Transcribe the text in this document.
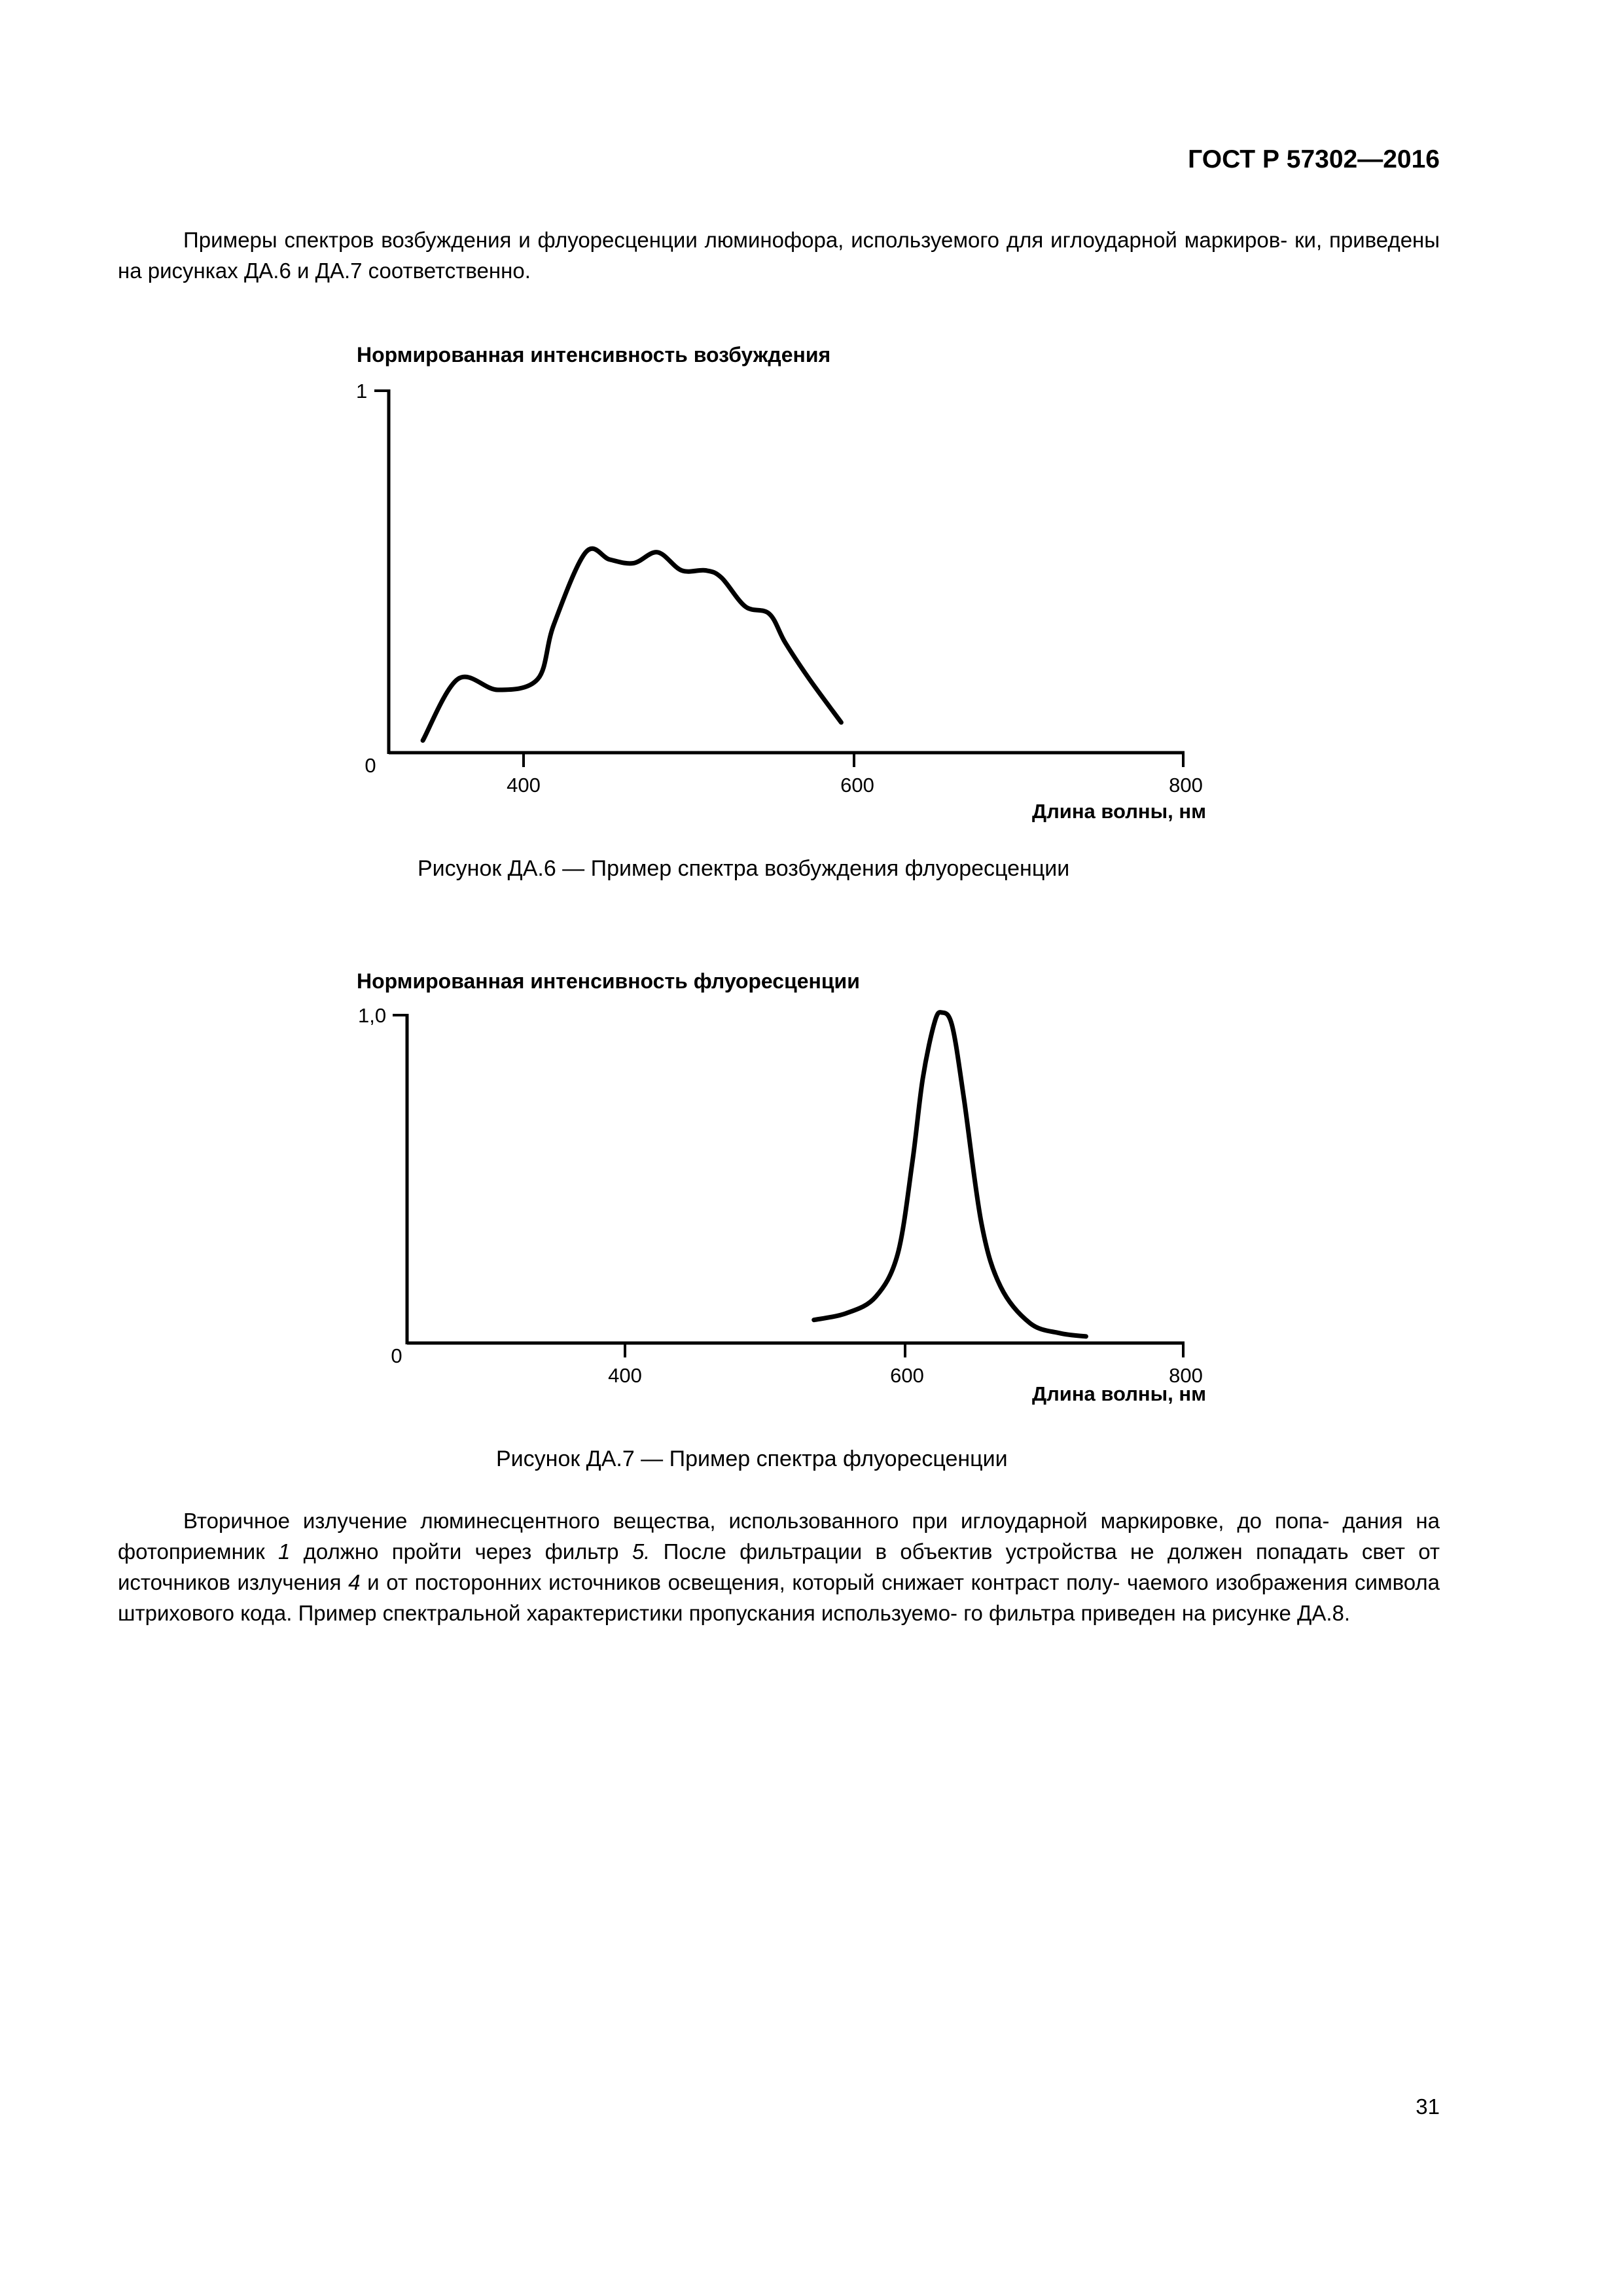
ГОСТ Р 57302—2016

Примеры спектров возбуждения и флуоресценции люминофора, используемого для иглоударной маркиров- ки, приведены на рисунках ДА.6 и ДА.7 соответственно.

Нормированная интенсивность возбуждения
Длина волны, нм
1
0
400	600	800
Рисунок ДА.6 — Пример спектра возбуждения флуоресценции
Нормированная интенсивность флуоресценции
Длина волны, нм
1,0
0
400	600	800
Рисунок ДА.7 — Пример спектра флуоресценции

Вторичное излучение люминесцентного вещества, использованного при иглоударной маркировке, до попа- дания на фотоприемник 1 должно пройти через фильтр 5. После фильтрации в объектив устройства не должен попадать свет от источников излучения 4 и от посторонних источников освещения, который снижает контраст полу- чаемого изображения символа штрихового кода. Пример спектральной характеристики пропускания используемо- го фильтра приведен на рисунке ДА.8.

31
